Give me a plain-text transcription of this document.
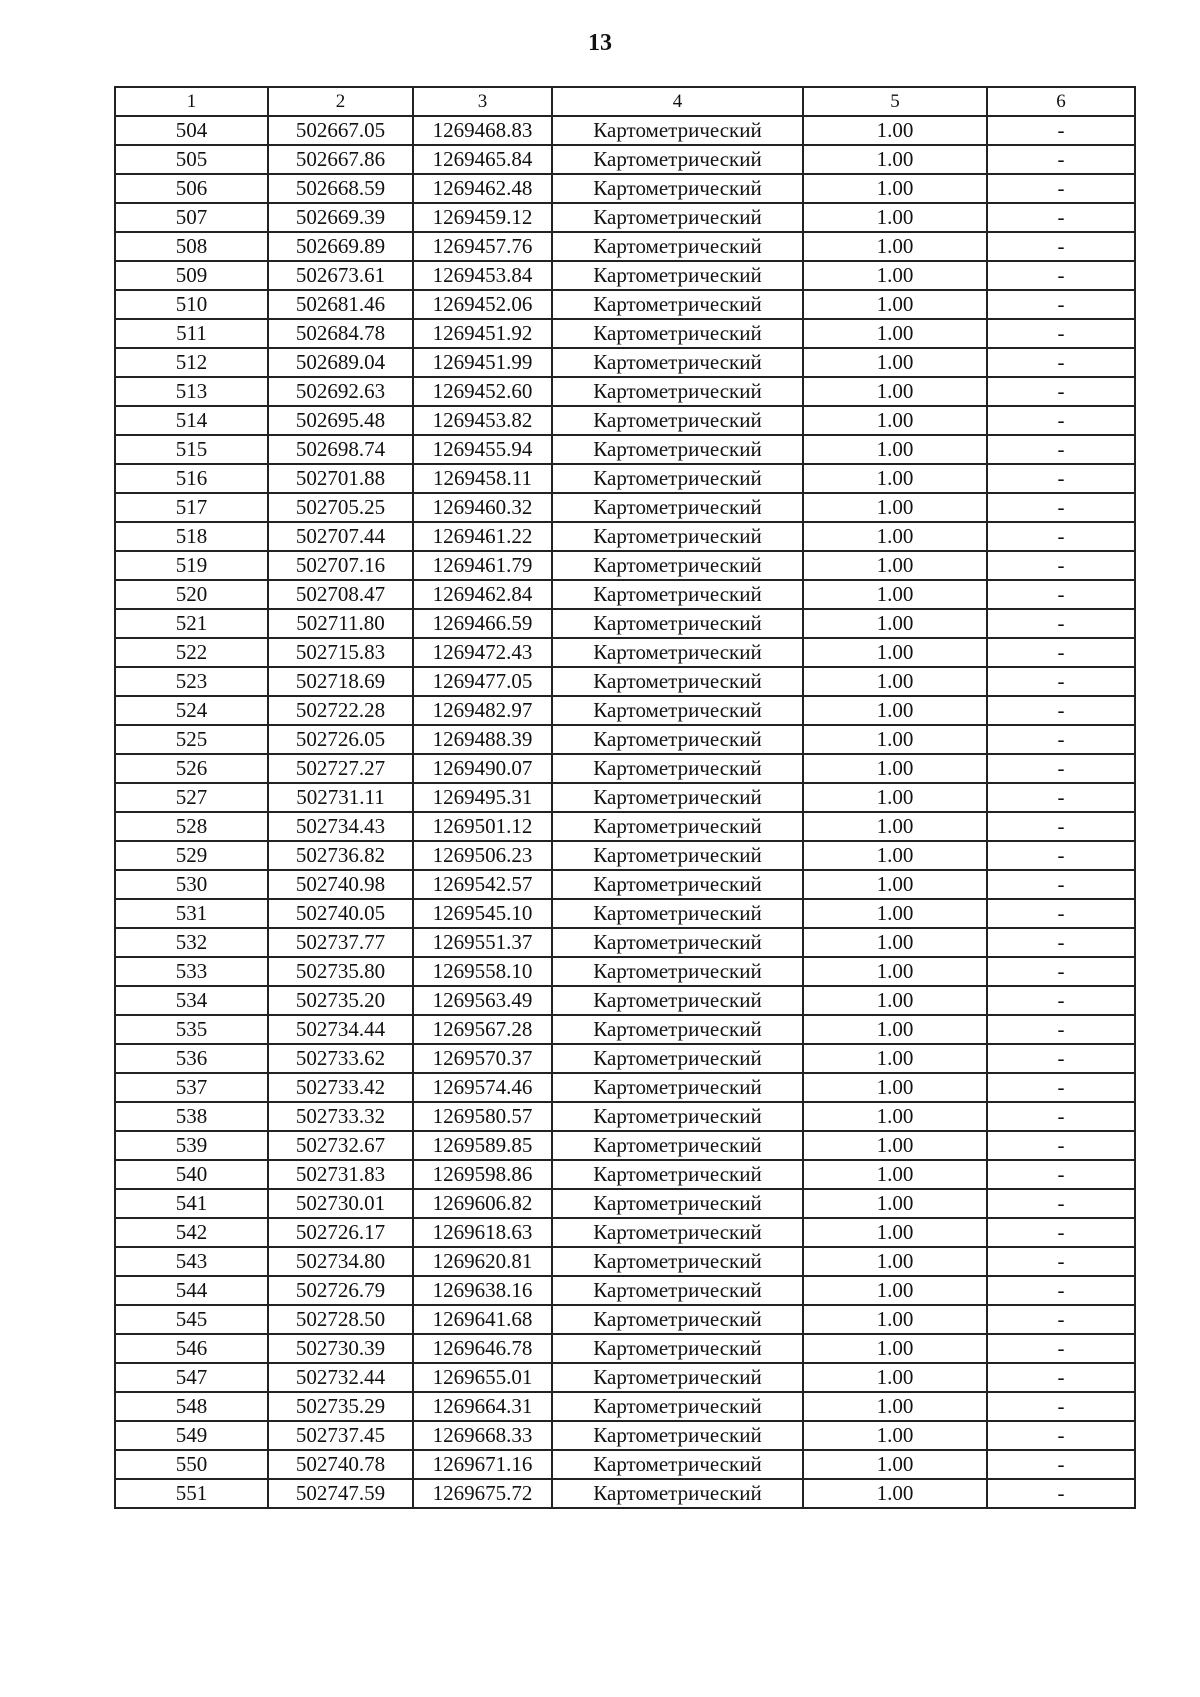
13
1	2	3	4	5	6
504	502667.05	1269468.83	Картометрический	1.00	-
505	502667.86	1269465.84	Картометрический	1.00	-
506	502668.59	1269462.48	Картометрический	1.00	-
507	502669.39	1269459.12	Картометрический	1.00	-
508	502669.89	1269457.76	Картометрический	1.00	-
509	502673.61	1269453.84	Картометрический	1.00	-
510	502681.46	1269452.06	Картометрический	1.00	-
511	502684.78	1269451.92	Картометрический	1.00	-
512	502689.04	1269451.99	Картометрический	1.00	-
513	502692.63	1269452.60	Картометрический	1.00	-
514	502695.48	1269453.82	Картометрический	1.00	-
515	502698.74	1269455.94	Картометрический	1.00	-
516	502701.88	1269458.11	Картометрический	1.00	-
517	502705.25	1269460.32	Картометрический	1.00	-
518	502707.44	1269461.22	Картометрический	1.00	-
519	502707.16	1269461.79	Картометрический	1.00	-
520	502708.47	1269462.84	Картометрический	1.00	-
521	502711.80	1269466.59	Картометрический	1.00	-
522	502715.83	1269472.43	Картометрический	1.00	-
523	502718.69	1269477.05	Картометрический	1.00	-
524	502722.28	1269482.97	Картометрический	1.00	-
525	502726.05	1269488.39	Картометрический	1.00	-
526	502727.27	1269490.07	Картометрический	1.00	-
527	502731.11	1269495.31	Картометрический	1.00	-
528	502734.43	1269501.12	Картометрический	1.00	-
529	502736.82	1269506.23	Картометрический	1.00	-
530	502740.98	1269542.57	Картометрический	1.00	-
531	502740.05	1269545.10	Картометрический	1.00	-
532	502737.77	1269551.37	Картометрический	1.00	-
533	502735.80	1269558.10	Картометрический	1.00	-
534	502735.20	1269563.49	Картометрический	1.00	-
535	502734.44	1269567.28	Картометрический	1.00	-
536	502733.62	1269570.37	Картометрический	1.00	-
537	502733.42	1269574.46	Картометрический	1.00	-
538	502733.32	1269580.57	Картометрический	1.00	-
539	502732.67	1269589.85	Картометрический	1.00	-
540	502731.83	1269598.86	Картометрический	1.00	-
541	502730.01	1269606.82	Картометрический	1.00	-
542	502726.17	1269618.63	Картометрический	1.00	-
543	502734.80	1269620.81	Картометрический	1.00	-
544	502726.79	1269638.16	Картометрический	1.00	-
545	502728.50	1269641.68	Картометрический	1.00	-
546	502730.39	1269646.78	Картометрический	1.00	-
547	502732.44	1269655.01	Картометрический	1.00	-
548	502735.29	1269664.31	Картометрический	1.00	-
549	502737.45	1269668.33	Картометрический	1.00	-
550	502740.78	1269671.16	Картометрический	1.00	-
551	502747.59	1269675.72	Картометрический	1.00	-
